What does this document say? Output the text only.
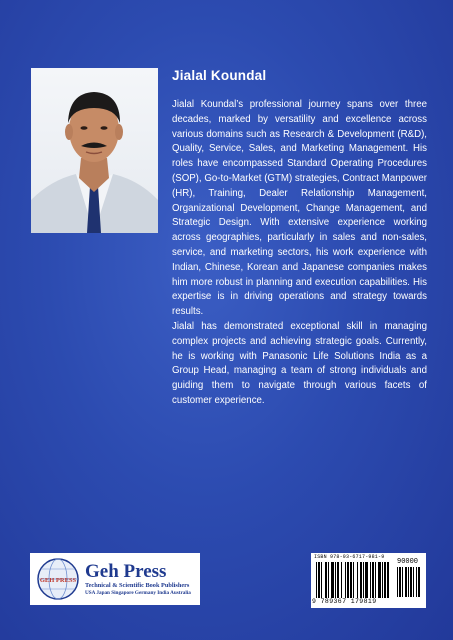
Jialal Koundal

Jialal Koundal’s professional journey spans over three decades, marked by versatility and excellence across various domains such as Research & Development (R&D), Quality, Service, Sales, and Marketing Management. His roles have encompassed Standard Operating Procedures (SOP), Go-to-Market (GTM) strategies, Contract Manpower (HR), Training, Dealer Relationship Management, Organizational Development, Change Management, and Strategic Design. With extensive experience working across geographies, particularly in sales and non-sales, service, and marketing sectors, his work experience with Indian, Chinese, Korean and Japanese companies makes him more robust in planning and execution capabilities. His expertise is in driving operations and strategy towards results.

Jialal has demonstrated exceptional skill in managing complex projects and achieving strategic goals. Currently, he is working with Panasonic Life Solutions India as a Group Head, managing a team of strong individuals and guiding them to navigate through various facets of customer experience.

GEH PRESS Geh Press
Technical & Scientific Book Publishers
USA Japan Singapore Germany India Australia
ISBN 978-93-6717-981-9
90000
9 789367 179819
